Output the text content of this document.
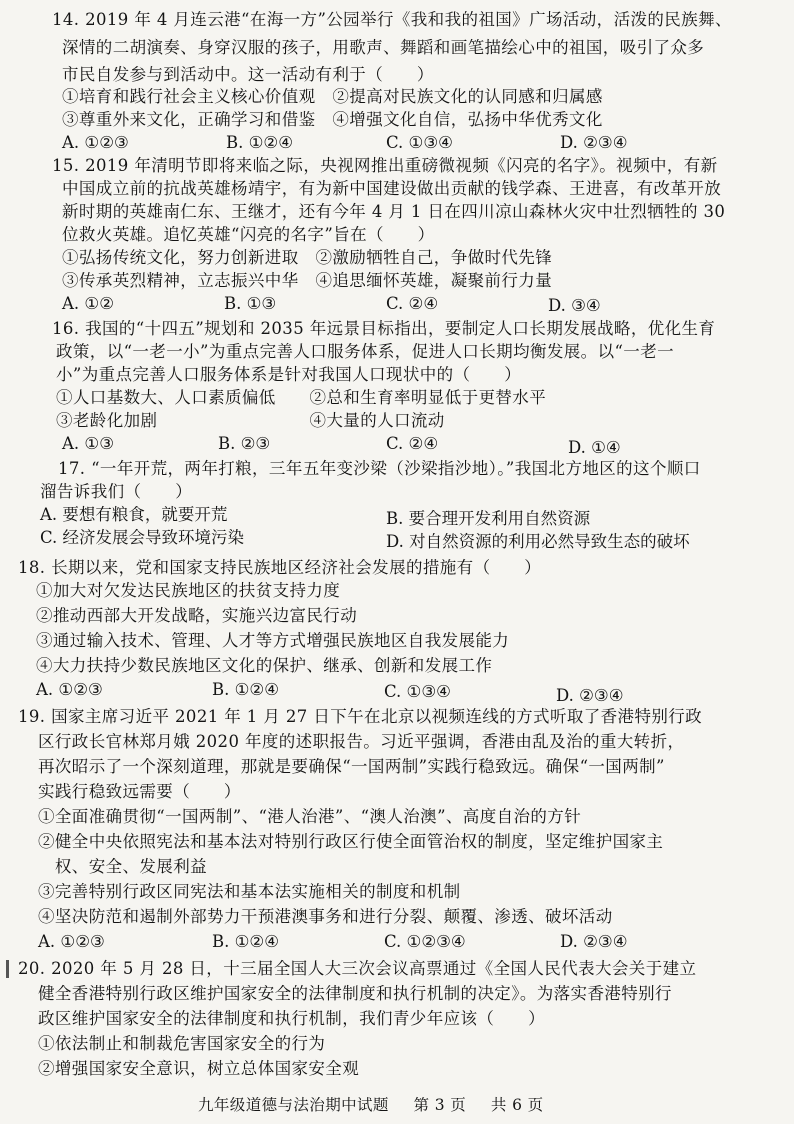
14. 2019 年 4 月连云港“在海一方”公园举行《我和我的祖国》广场活动，活泼的民族舞、
深情的二胡演奏、身穿汉服的孩子，用歌声、舞蹈和画笔描绘心中的祖国，吸引了众多
市民自发参与到活动中。这一活动有利于（　　）
①培育和践行社会主义核心价值观　②提高对民族文化的认同感和归属感
③尊重外来文化，正确学习和借鉴　④增强文化自信，弘扬中华优秀文化
A. ①②③	B. ①②④	C. ①③④	D. ②③④
15. 2019 年清明节即将来临之际，央视网推出重磅微视频《闪亮的名字》。视频中，有新
中国成立前的抗战英雄杨靖宇，有为新中国建设做出贡献的钱学森、王进喜，有改革开放
新时期的英雄南仁东、王继才，还有今年 4 月 1 日在四川凉山森林火灾中壮烈牺牲的 30
位救火英雄。追忆英雄“闪亮的名字”旨在（　　）
①弘扬传统文化，努力创新进取　②激励牺牲自己，争做时代先锋
③传承英烈精神，立志振兴中华　④追思缅怀英雄，凝聚前行力量
A. ①②	B. ①③	C. ②④	D. ③④
16. 我国的“十四五”规划和 2035 年远景目标指出，要制定人口长期发展战略，优化生育
政策，以“一老一小”为重点完善人口服务体系，促进人口长期均衡发展。以“一老一
小”为重点完善人口服务体系是针对我国人口现状中的（　　）
①人口基数大、人口素质偏低　　②总和生育率明显低于更替水平
③老龄化加剧　　　　　　　　　④大量的人口流动
A. ①③	B. ②③	C. ②④	D. ①④
17. “一年开荒，两年打粮，三年五年变沙梁（沙梁指沙地）。”我国北方地区的这个顺口
溜告诉我们（　　）
A. 要想有粮食，就要开荒	B. 要合理开发利用自然资源
C. 经济发展会导致环境污染	D. 对自然资源的利用必然导致生态的破坏
18. 长期以来，党和国家支持民族地区经济社会发展的措施有（　　）
①加大对欠发达民族地区的扶贫支持力度
②推动西部大开发战略，实施兴边富民行动
③通过输入技术、管理、人才等方式增强民族地区自我发展能力
④大力扶持少数民族地区文化的保护、继承、创新和发展工作
A. ①②③	B. ①②④	C. ①③④	D. ②③④
19. 国家主席习近平 2021 年 1 月 27 日下午在北京以视频连线的方式听取了香港特别行政
区行政长官林郑月娥 2020 年度的述职报告。习近平强调，香港由乱及治的重大转折，
再次昭示了一个深刻道理，那就是要确保“一国两制”实践行稳致远。确保“一国两制”
实践行稳致远需要（　　）
①全面准确贯彻“一国两制”、“港人治港”、“澳人治澳”、高度自治的方针
②健全中央依照宪法和基本法对特别行政区行使全面管治权的制度，坚定维护国家主
　权、安全、发展利益
③完善特别行政区同宪法和基本法实施相关的制度和机制
④坚决防范和遏制外部势力干预港澳事务和进行分裂、颠覆、渗透、破坏活动
A. ①②③	B. ①②④	C. ①②③④	D. ②③④
20. 2020 年 5 月 28 日，十三届全国人大三次会议高票通过《全国人民代表大会关于建立
健全香港特别行政区维护国家安全的法律制度和执行机制的决定》。为落实香港特别行
政区维护国家安全的法律制度和执行机制，我们青少年应该（　　）
①依法制止和制裁危害国家安全的行为
②增强国家安全意识，树立总体国家安全观
九年级道德与法治期中试题 第 3 页 共 6 页
